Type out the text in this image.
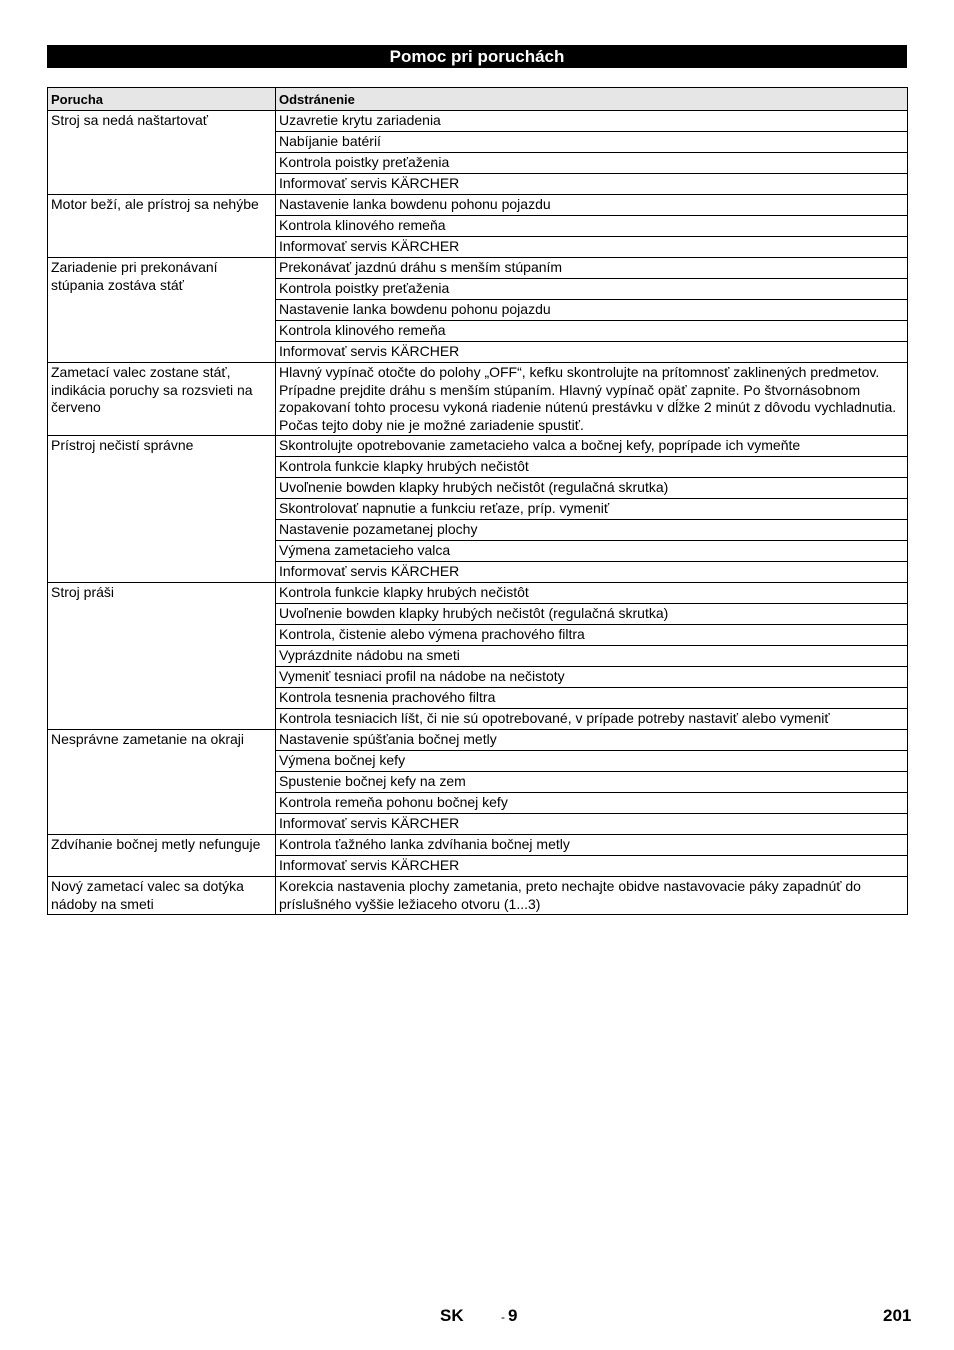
Pomoc pri poruchách
Porucha	Odstránenie
Stroj sa nedá naštartovať	Uzavretie krytu zariadenia
	Nabíjanie batérií
	Kontrola poistky preťaženia
	Informovať servis KÄRCHER
Motor beží, ale prístroj sa nehýbe	Nastavenie lanka bowdenu pohonu pojazdu
	Kontrola klinového remeňa
	Informovať servis KÄRCHER
Zariadenie pri prekonávaní stúpania zostáva stáť	Prekonávať jazdnú dráhu s menším stúpaním
	Kontrola poistky preťaženia
	Nastavenie lanka bowdenu pohonu pojazdu
	Kontrola klinového remeňa
	Informovať servis KÄRCHER
Zametací valec zostane stáť, indikácia poruchy sa rozsvieti na červeno	Hlavný vypínač otočte do polohy „OFF“, kefku skontrolujte na prítomnosť zaklinených predmetov. Prípadne prejdite dráhu s menším stúpaním. Hlavný vypínač opäť zapnite. Po štvornásobnom zopakovaní tohto procesu vykoná riadenie nútenú prestávku v dĺžke 2 minút z dôvodu vychladnutia. Počas tejto doby nie je možné zariadenie spustiť.
Prístroj nečistí správne	Skontrolujte opotrebovanie zametacieho valca a bočnej kefy, poprípade ich vymeňte
	Kontrola funkcie klapky hrubých nečistôt
	Uvoľnenie bowden klapky hrubých nečistôt (regulačná skrutka)
	Skontrolovať napnutie a funkciu reťaze, príp. vymeniť
	Nastavenie pozametanej plochy
	Výmena zametacieho valca
	Informovať servis KÄRCHER
Stroj práši	Kontrola funkcie klapky hrubých nečistôt
	Uvoľnenie bowden klapky hrubých nečistôt (regulačná skrutka)
	Kontrola, čistenie alebo výmena prachového filtra
	Vyprázdnite nádobu na smeti
	Vymeniť tesniaci profil na nádobe na nečistoty
	Kontrola tesnenia prachového filtra
	Kontrola tesniacich líšt, či nie sú opotrebované, v prípade potreby nastaviť alebo vymeniť
Nesprávne zametanie na okraji	Nastavenie spúšťania bočnej metly
	Výmena bočnej kefy
	Spustenie bočnej kefy na zem
	Kontrola remeňa pohonu bočnej kefy
	Informovať servis KÄRCHER
Zdvíhanie bočnej metly nefunguje	Kontrola ťažného lanka zdvíhania bočnej metly
	Informovať servis KÄRCHER
Nový zametací valec sa dotýka nádoby na smeti	Korekcia nastavenia plochy zametania, preto nechajte obidve nastavovacie páky zapadnúť do príslušného vyššie ležiaceho otvoru (1...3)
SK	- 9	201
